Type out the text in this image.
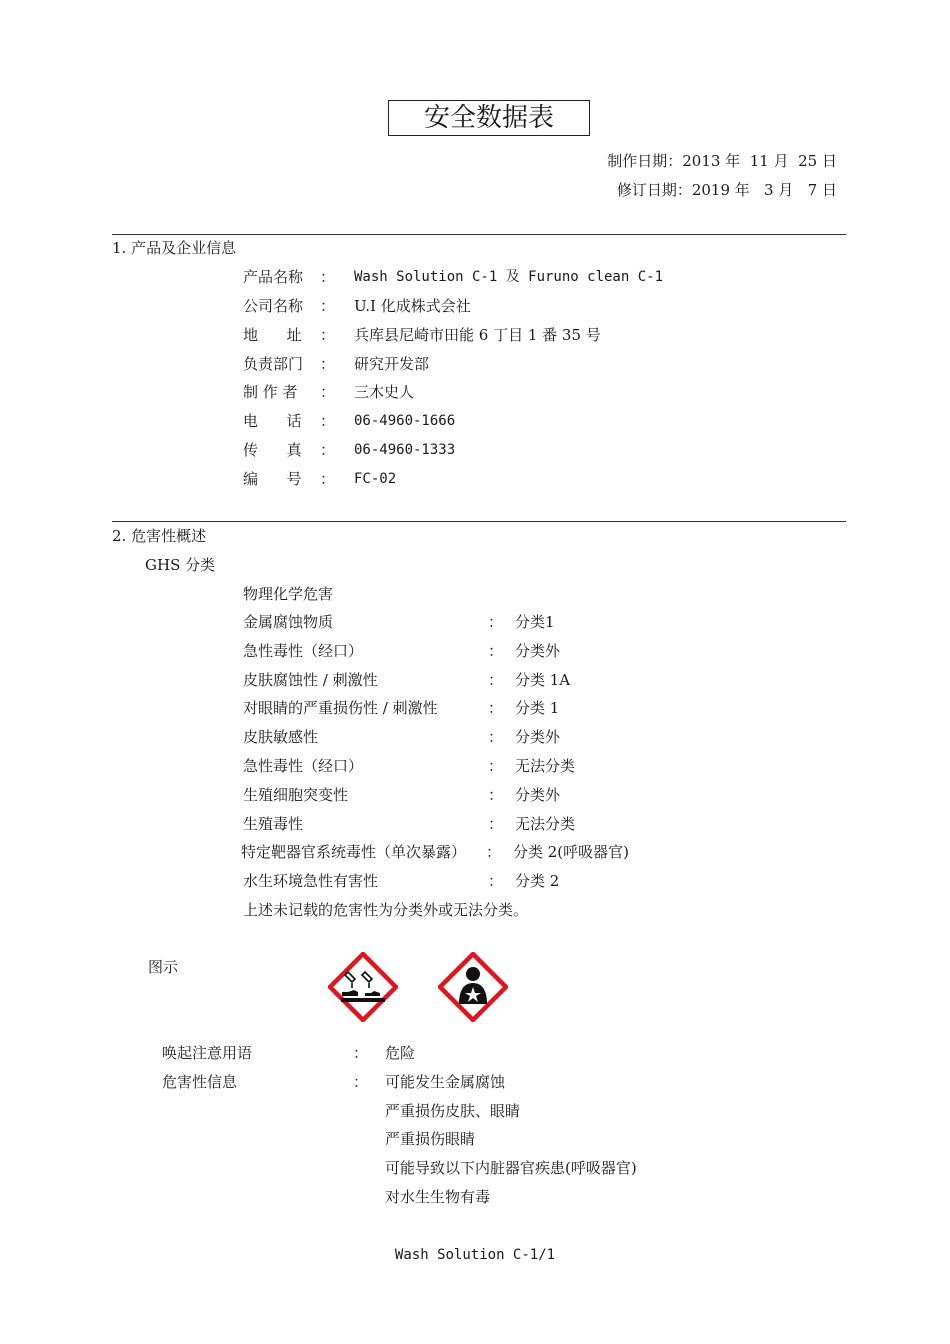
安全数据表
制作日期：2013 年  11 月  25 日
修订日期：2019 年   3 月   7 日
1. 产品及企业信息
产品名称 ： Wash Solution C-1 及 Furuno clean C-1
公司名称 ： U.I 化成株式会社
地      址 ： 兵库县尼崎市田能 6 丁目 1 番 35 号
负责部门 ： 研究开发部
制 作 者 ： 三木史人
电      话 ： 06-4960-1666
传      真 ： 06-4960-1333
编      号 ： FC-02
2. 危害性概述
GHS 分类
物理化学危害
金属腐蚀物质	： 分类1
急性毒性（经口）	： 分类外
皮肤腐蚀性 / 刺激性	： 分类 1A
对眼睛的严重损伤性 / 刺激性	： 分类 1
皮肤敏感性	： 分类外
急性毒性（经口）	： 无法分类
生殖细胞突变性	： 分类外
生殖毒性	： 无法分类
特定靶器官系统毒性（单次暴露） ： 分类 2(呼吸器官)
水生环境急性有害性	： 分类 2
上述未记载的危害性为分类外或无法分类。
图示
唤起注意用语	： 危险
危害性信息	： 可能发生金属腐蚀
严重损伤皮肤、眼睛
严重损伤眼睛
可能导致以下内脏器官疾患(呼吸器官)
对水生生物有毒
Wash Solution C-1/1
